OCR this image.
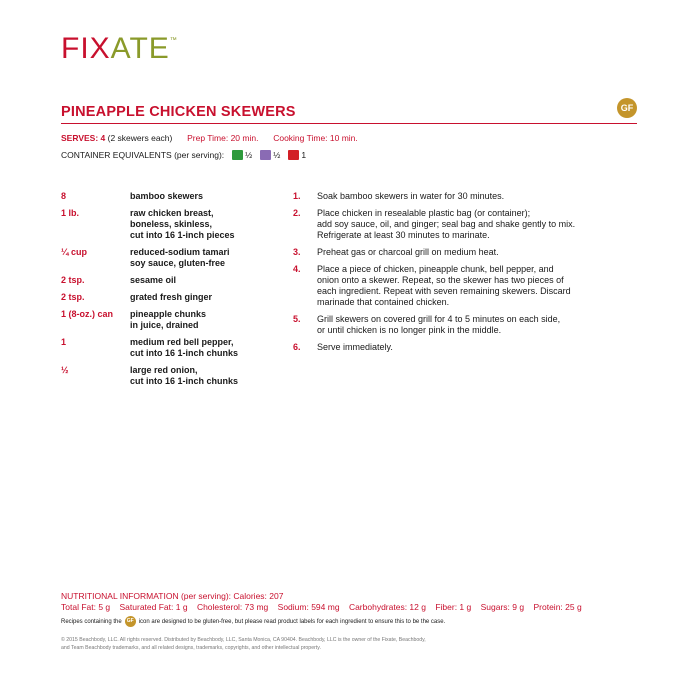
FIXATE™
PINEAPPLE CHICKEN SKEWERS	GF
SERVES: 4 (2 skewers each) Prep Time: 20 min. Cooking Time: 10 min.
CONTAINER EQUIVALENTS (per serving): ½ ½ 1
8	bamboo skewers
1 lb.	raw chicken breast,
boneless, skinless,
cut into 16 1-inch pieces
¼ cup	reduced-sodium tamari
soy sauce, gluten-free
2 tsp.	sesame oil
2 tsp.	grated fresh ginger
1 (8-oz.) can	pineapple chunks
in juice, drained
1	medium red bell pepper,
cut into 16 1-inch chunks
½	large red onion,
cut into 16 1-inch chunks
1.	Soak bamboo skewers in water for 30 minutes.
2.	Place chicken in resealable plastic bag (or container);
add soy sauce, oil, and ginger; seal bag and shake gently to mix.
Refrigerate at least 30 minutes to marinate.
3.	Preheat gas or charcoal grill on medium heat.
4.	Place a piece of chicken, pineapple chunk, bell pepper, and
onion onto a skewer. Repeat, so the skewer has two pieces of
each ingredient. Repeat with seven remaining skewers. Discard
marinade that contained chicken.
5.	Grill skewers on covered grill for 4 to 5 minutes on each side,
or until chicken is no longer pink in the middle.
6.	Serve immediately.
NUTRITIONAL INFORMATION (per serving): Calories: 207
Total Fat: 5 g Saturated Fat: 1 g Cholesterol: 73 mg Sodium: 594 mg Carbohydrates: 12 g Fiber: 1 g Sugars: 9 g Protein: 25 g
Recipes containing the	GF icon are designed to be gluten-free, but please read product labels for each ingredient to ensure this to be the case.
© 2015 Beachbody, LLC. All rights reserved. Distributed by Beachbody, LLC, Santa Monica, CA 90404. Beachbody, LLC is the owner of the Fixate, Beachbody,
and Team Beachbody trademarks, and all related designs, trademarks, copyrights, and other intellectual property.
